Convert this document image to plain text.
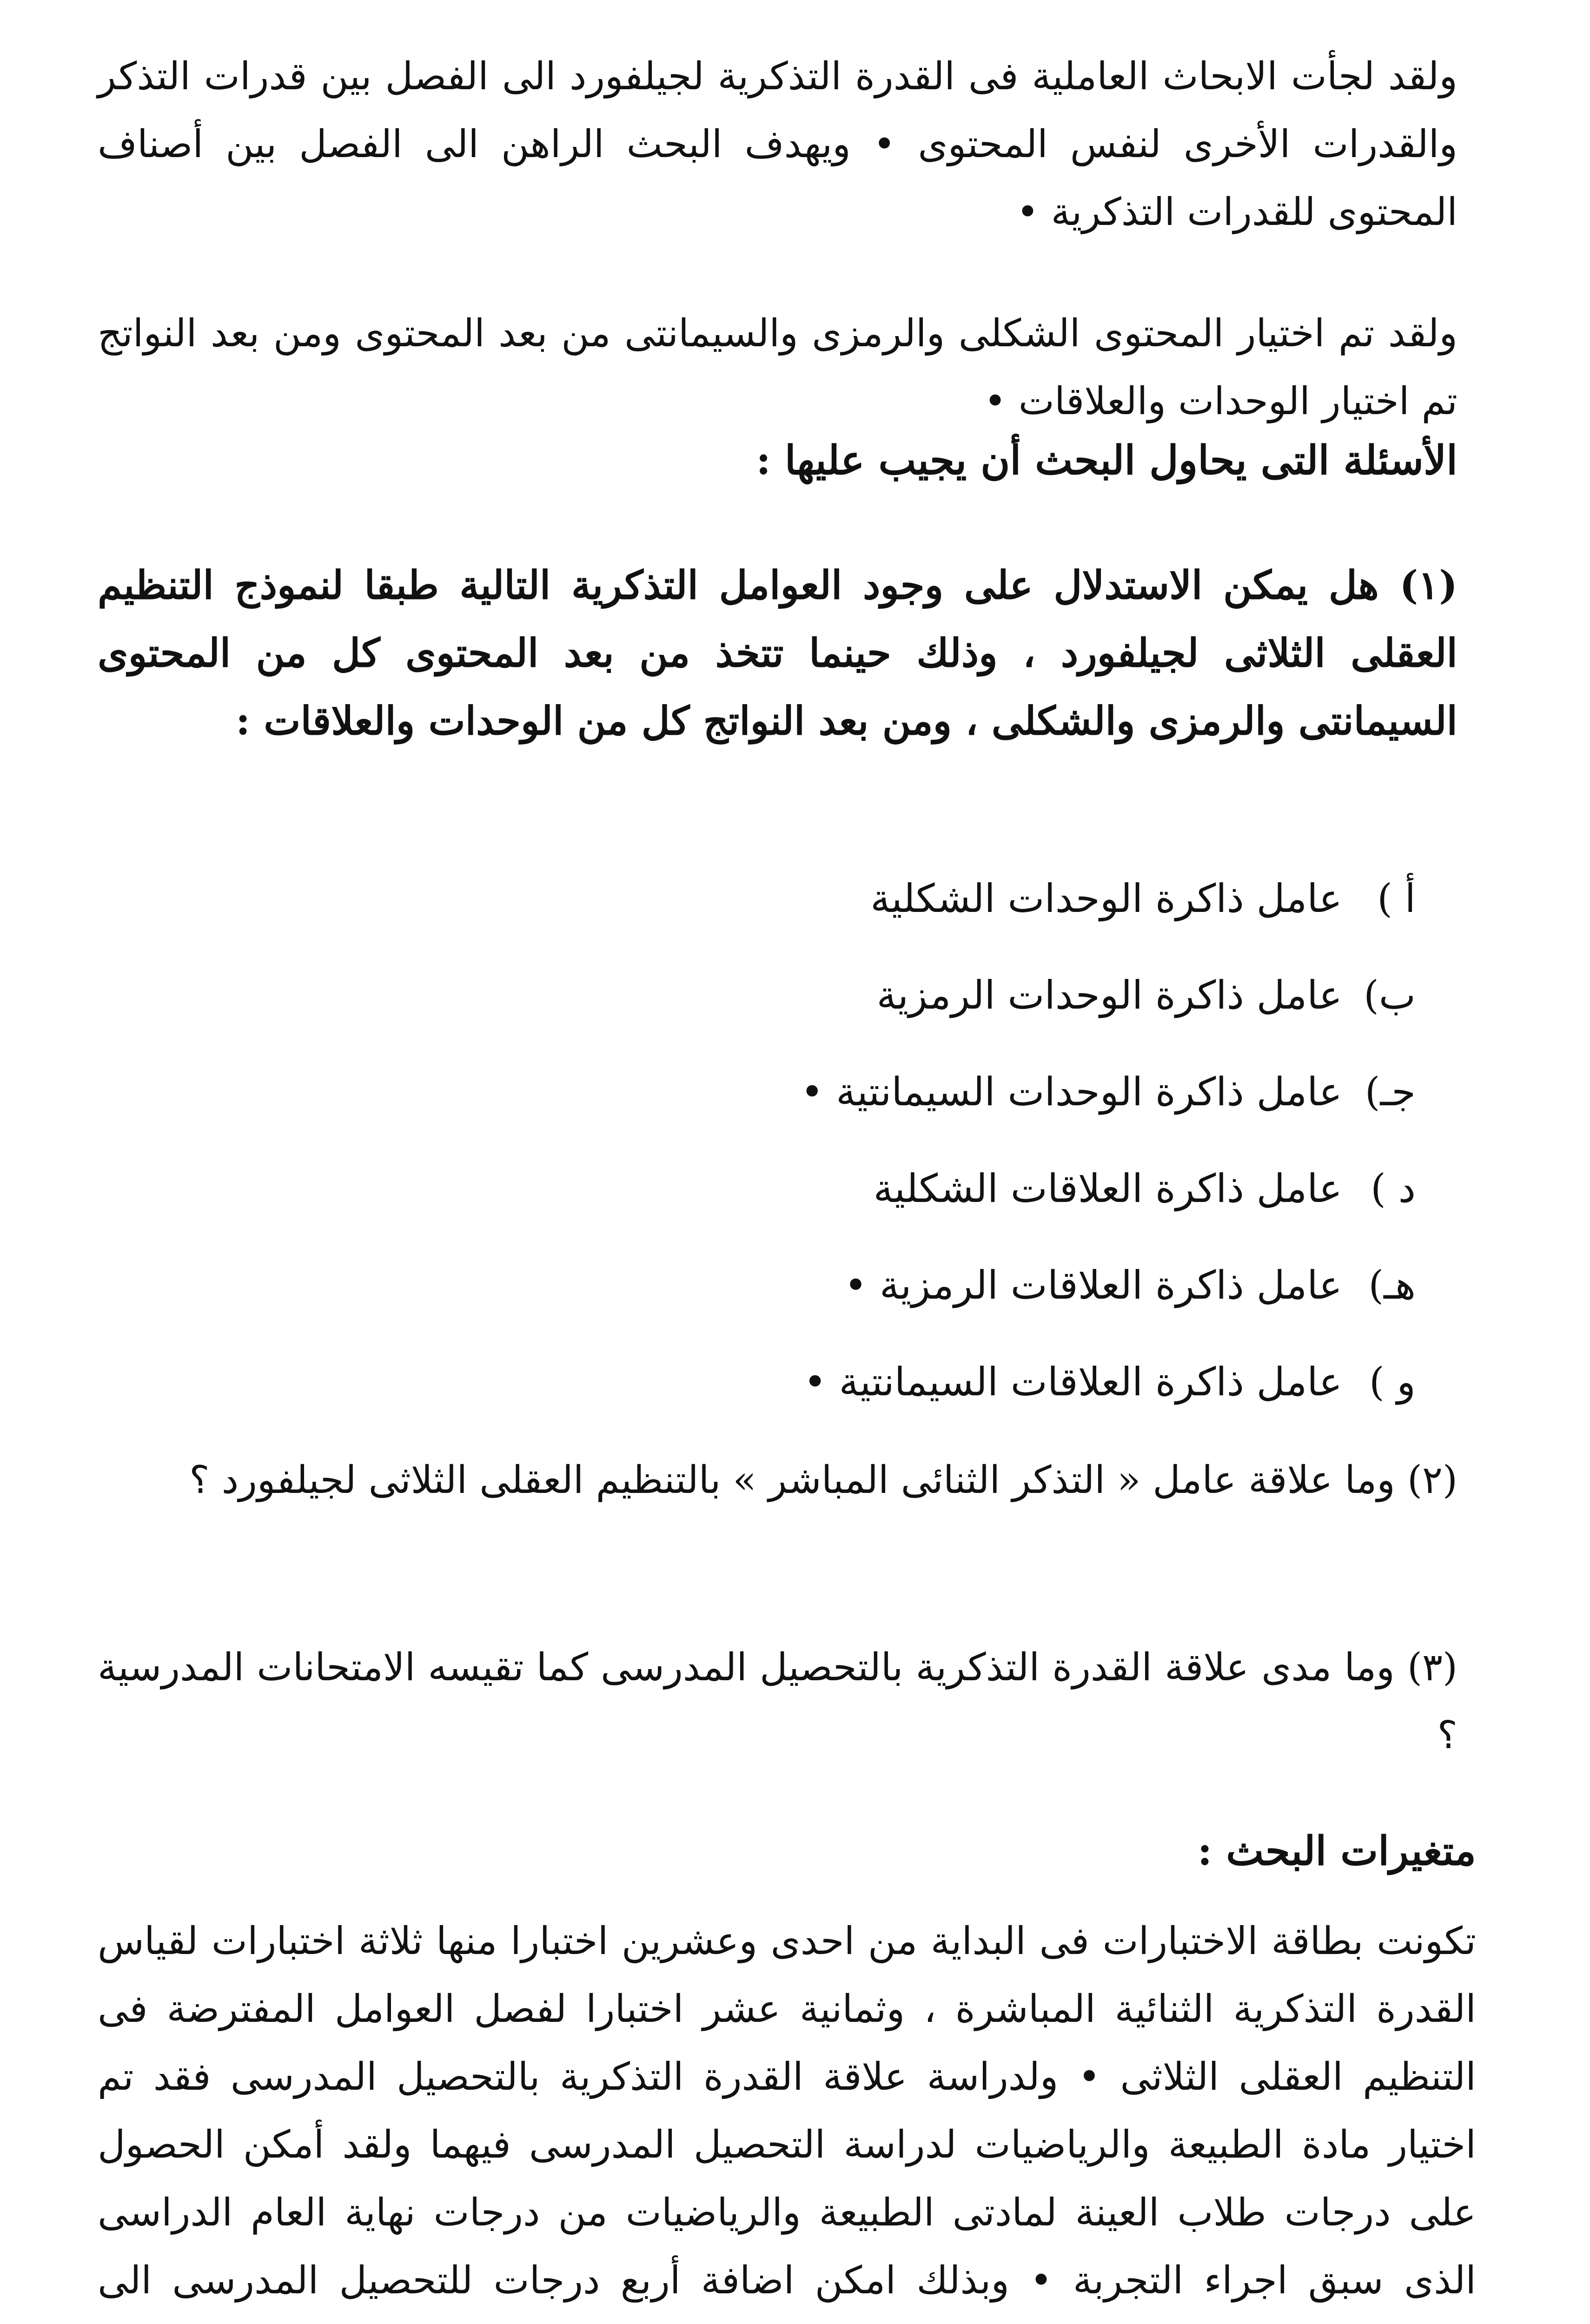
ولقد لجأت الابحاث العاملية فى القدرة التذكرية لجيلفورد الى الفصل بين قدرات التذكر والقدرات الأخرى لنفس المحتوى • ويهدف البحث الراهن الى الفصل بين أصناف المحتوى للقدرات التذكرية •

ولقد تم اختيار المحتوى الشكلى والرمزى والسيمانتى من بعد المحتوى ومن بعد النواتج تم اختيار الوحدات والعلاقات •

الأسئلة التى يحاول البحث أن يجيب عليها :

(١) هل يمكن الاستدلال على وجود العوامل التذكرية التالية طبقا لنموذج التنظيم العقلى الثلاثى لجيلفورد ، وذلك حينما تتخذ من بعد المحتوى كل من المحتوى السيمانتى والرمزى والشكلى ، ومن بعد النواتج كل من الوحدات والعلاقات :

أ )عامل ذاكرة الوحدات الشكلية
ب)عامل ذاكرة الوحدات الرمزية
جـ)عامل ذاكرة الوحدات السيمانتية •
د )عامل ذاكرة العلاقات الشكلية
هـ)عامل ذاكرة العلاقات الرمزية •
و )عامل ذاكرة العلاقات السيمانتية •

(٢) وما علاقة عامل « التذكر الثنائى المباشر » بالتنظيم العقلى الثلاثى لجيلفورد ؟

(٣) وما مدى علاقة القدرة التذكرية بالتحصيل المدرسى كما تقيسه الامتحانات المدرسية ؟

متغيرات البحث :

تكونت بطاقة الاختبارات فى البداية من احدى وعشرين اختبارا منها ثلاثة اختبارات لقياس القدرة التذكرية الثنائية المباشرة ، وثمانية عشر اختبارا لفصل العوامل المفترضة فى التنظيم العقلى الثلاثى • ولدراسة علاقة القدرة التذكرية بالتحصيل المدرسى فقد تم اختيار مادة الطبيعة والرياضيات لدراسة التحصيل المدرسى فيهما ولقد أمكن الحصول على درجات طلاب العينة لمادتى الطبيعة والرياضيات من درجات نهاية العام الدراسى الذى سبق اجراء التجربة • وبذلك امكن اضافة أربع درجات للتحصيل المدرسى الى
